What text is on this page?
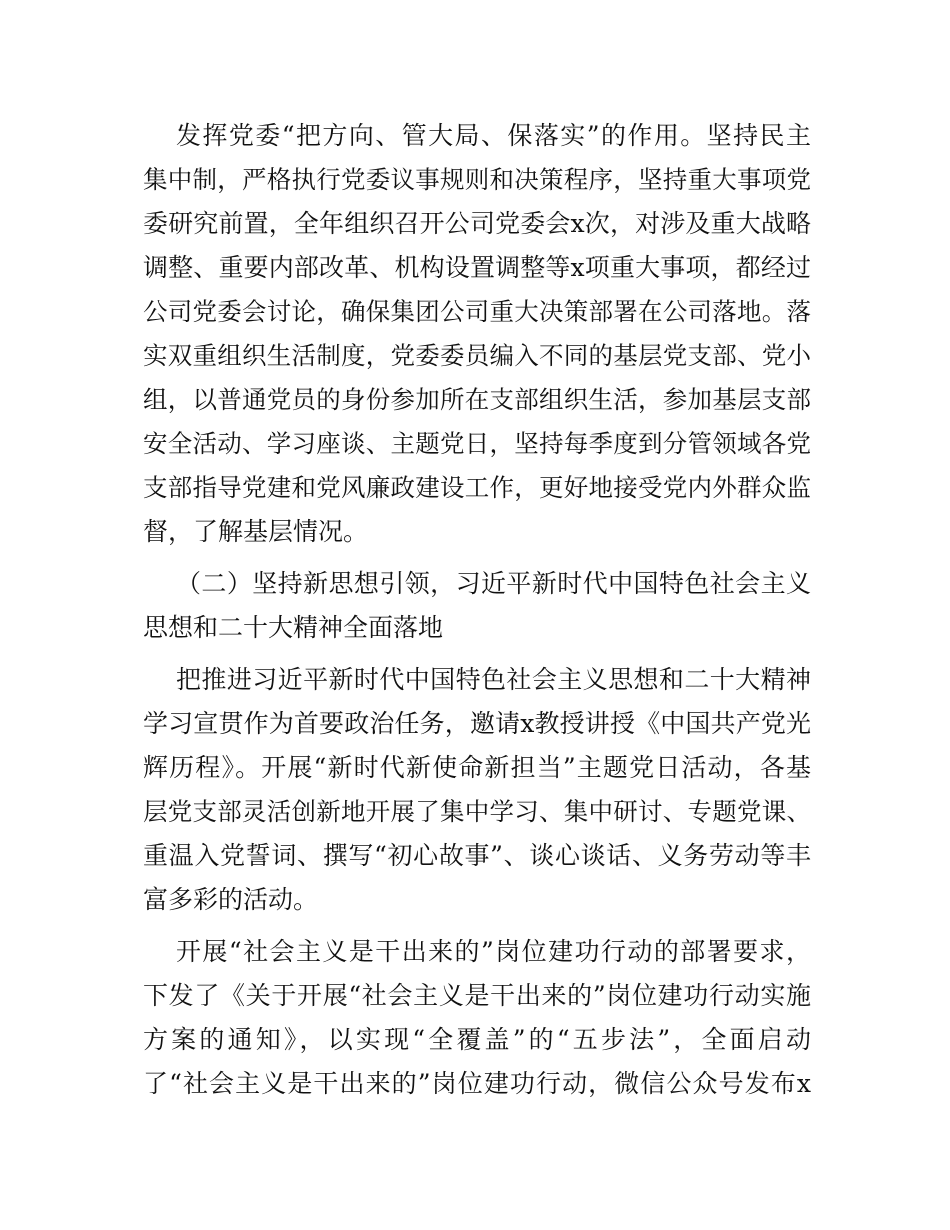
发挥党委“把方向、管大局、保落实”的作用。坚持民主
集中制，严格执行党委议事规则和决策程序，坚持重大事项党
委研究前置，全年组织召开公司党委会x次，对涉及重大战略
调整、重要内部改革、机构设置调整等x项重大事项，都经过
公司党委会讨论，确保集团公司重大决策部署在公司落地。落
实双重组织生活制度，党委委员编入不同的基层党支部、党小
组，以普通党员的身份参加所在支部组织生活，参加基层支部
安全活动、学习座谈、主题党日，坚持每季度到分管领域各党
支部指导党建和党风廉政建设工作，更好地接受党内外群众监
督，了解基层情况。
（二）坚持新思想引领，习近平新时代中国特色社会主义
思想和二十大精神全面落地
把推进习近平新时代中国特色社会主义思想和二十大精神
学习宣贯作为首要政治任务，邀请x教授讲授《中国共产党光
辉历程》。开展“新时代新使命新担当”主题党日活动，各基
层党支部灵活创新地开展了集中学习、集中研讨、专题党课、
重温入党誓词、撰写“初心故事”、谈心谈话、义务劳动等丰
富多彩的活动。
开展“社会主义是干出来的”岗位建功行动的部署要求，
下发了《关于开展“社会主义是干出来的”岗位建功行动实施
方案的通知》，以实现“全覆盖”的“五步法”，全面启动
了“社会主义是干出来的”岗位建功行动，微信公众号发布x
